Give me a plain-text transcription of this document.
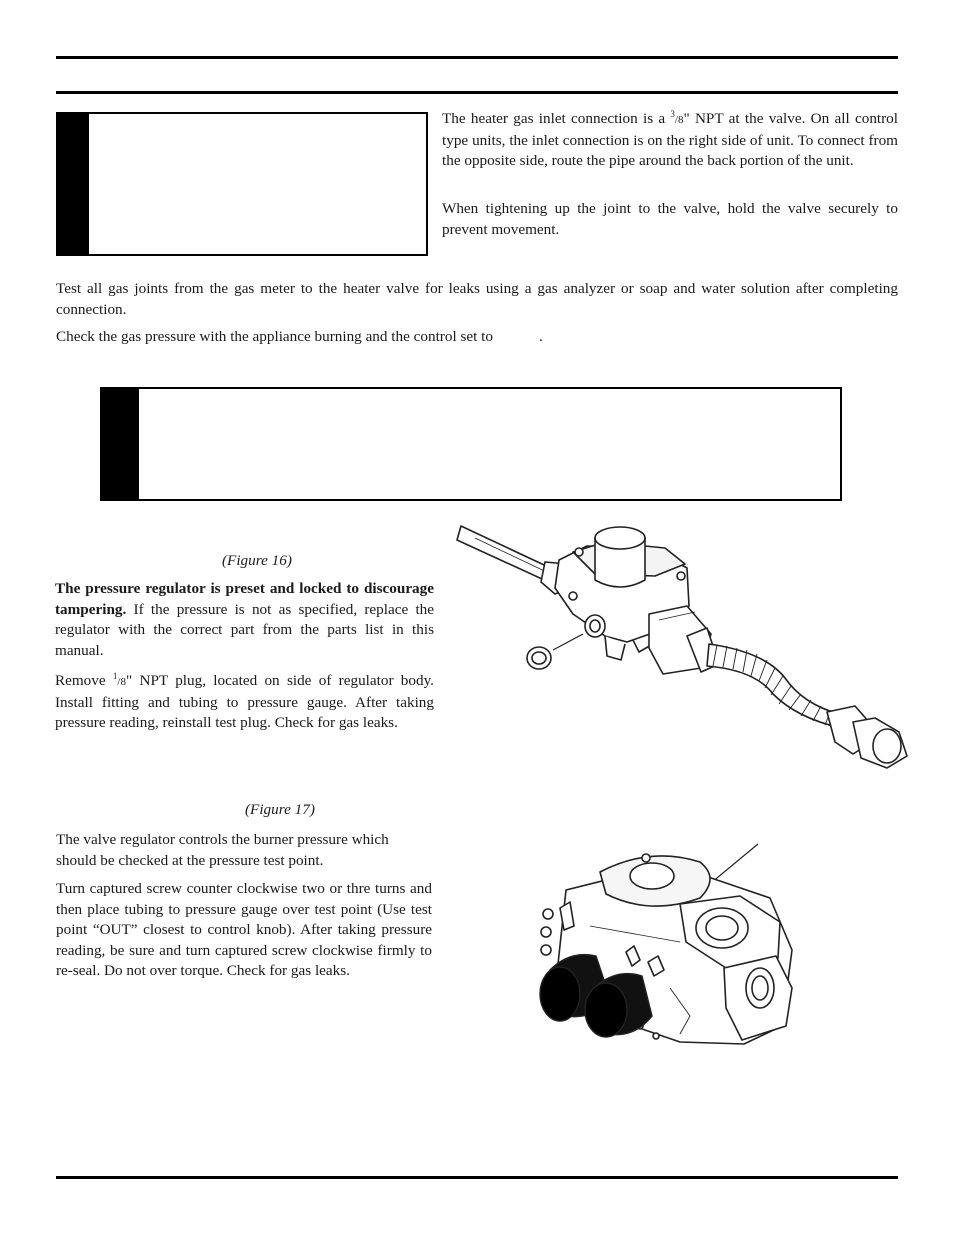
The heater gas inlet connection is a $^3$/8" NPT at the valve. On all control type units, the inlet connection is on the right side of unit. To connect from the opposite side, route the pipe around the back portion of the unit.

When tightening up the joint to the valve, hold the valve securely to prevent movement.

Test all gas joints from the gas meter to the heater valve for leaks using a gas analyzer or soap and water solution after completing connection.

Check the gas pressure with the appliance burning and the control set to	.

(Figure 16)

The pressure regulator is preset and locked to discourage tampering. If the pressure is not as specified, replace the regulator with the correct part from the parts list in this manual.

Remove $^1$/8" NPT plug, located on side of regulator body. Install fitting and tubing to pressure gauge. After taking pressure reading, reinstall test plug. Check for gas leaks.

(Figure 17)

The valve regulator controls the burner pressure which should be checked at the pressure test point.

Turn captured screw counter clockwise two or thre turns and then place tubing to pressure gauge over test point (Use test point “OUT” closest to control knob). After taking pressure reading, be sure and turn captured screw clockwise firmly to re-seal. Do not over torque. Check for gas leaks.
